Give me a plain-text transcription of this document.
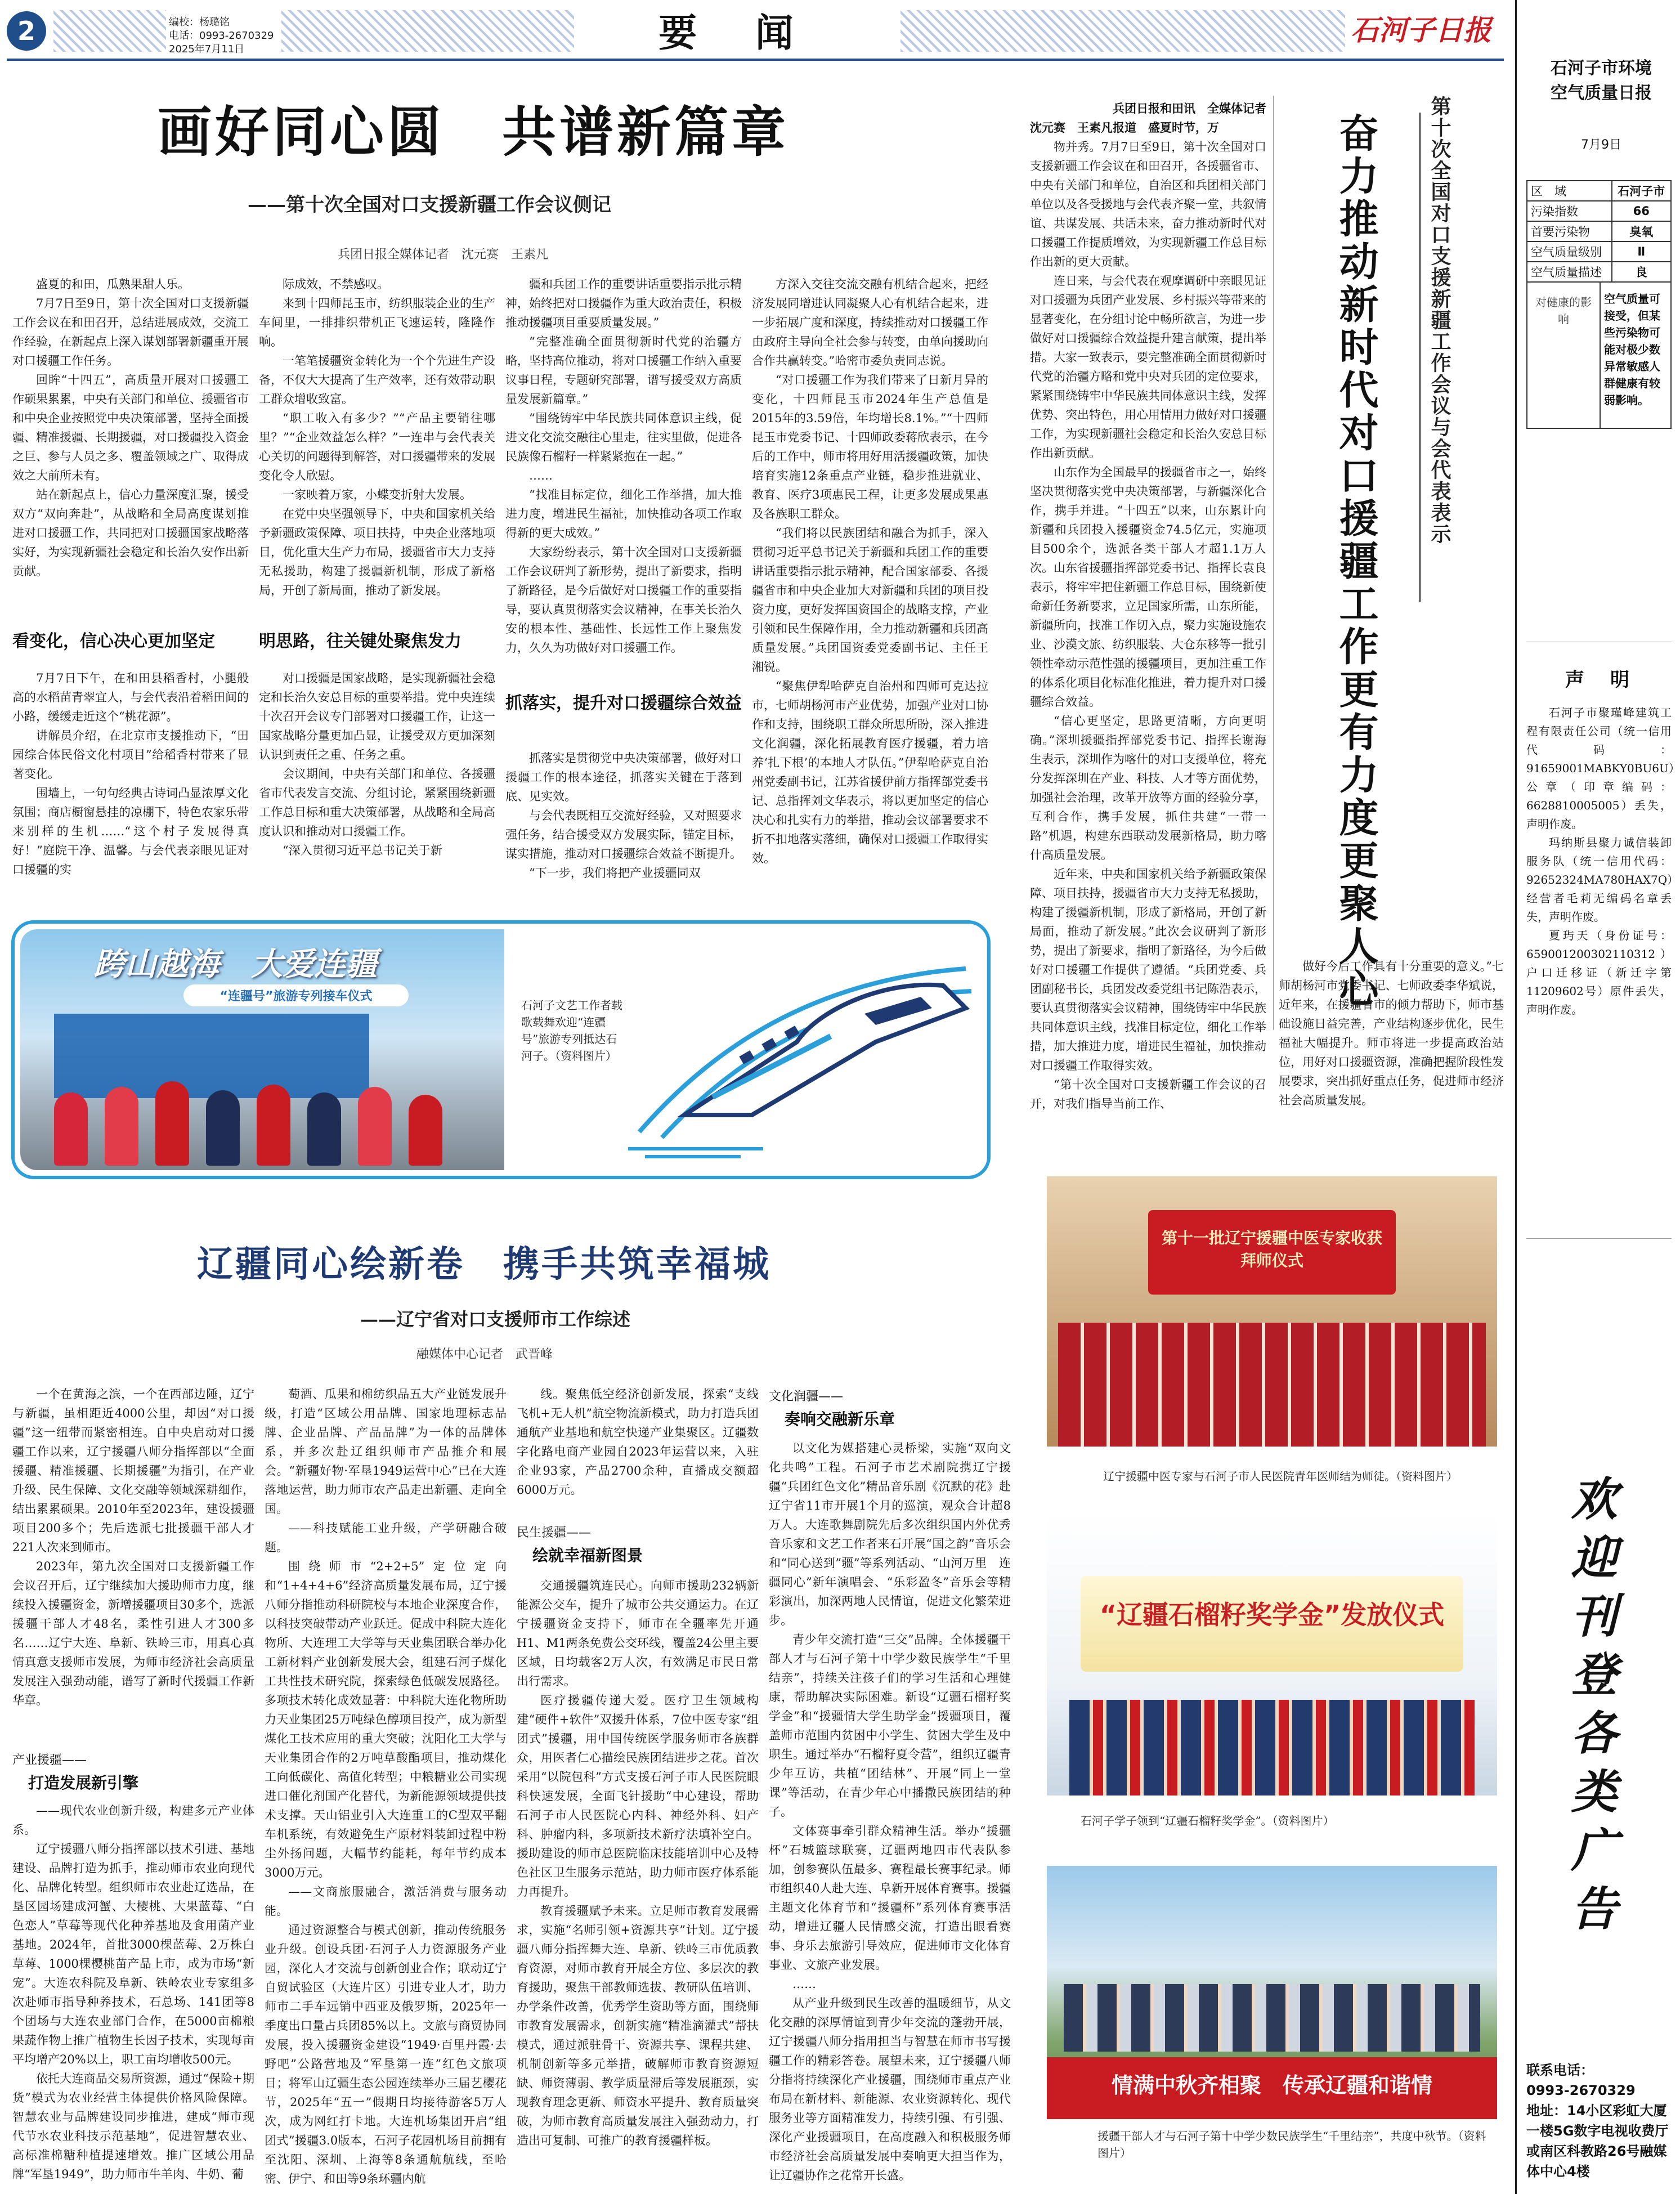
2	编校：杨璐铭
电话：0993-2670329
2025年7月11日	要 闻	石河子日报
画好同心圆　共谱新篇章
——第十次全国对口支援新疆工作会议侧记
兵团日报全媒体记者　沈元赛　王素凡

盛夏的和田，瓜熟果甜人乐。

7月7日至9日，第十次全国对口支援新疆工作会议在和田召开，总结进展成效，交流工作经验，在新起点上深入谋划部署新疆重开展对口援疆工作任务。

回眸“十四五”，高质量开展对口援疆工作硕果累累，中央有关部门和单位、援疆省市和中央企业按照党中央决策部署，坚持全面援疆、精准援疆、长期援疆，对口援疆投入资金之巨、参与人员之多、覆盖领域之广、取得成效之大前所未有。

站在新起点上，信心力量深度汇聚，援受双方“双向奔赴”，从战略和全局高度谋划推进对口援疆工作，共同把对口援疆国家战略落实好，为实现新疆社会稳定和长治久安作出新贡献。

看变化，信心决心更加坚定

7月7日下午，在和田县稻香村，小腿般高的水稻苗青翠宜人，与会代表沿着稻田间的小路，缓缓走近这个“桃花源”。

讲解员介绍，在北京市支援推动下，“田园综合体民俗文化村项目”给稻香村带来了显著变化。

围墙上，一句句经典古诗词凸显浓厚文化氛围；商店橱窗悬挂的凉棚下，特色农家乐带来别样的生机……“这个村子发展得真好！”庭院干净、温馨。与会代表亲眼见证对口援疆的实

际成效，不禁感叹。

来到十四师昆玉市，纺织服装企业的生产车间里，一排排织带机正飞速运转，隆隆作响。

一笔笔援疆资金转化为一个个先进生产设备，不仅大大提高了生产效率，还有效带动职工群众增收致富。

“职工收入有多少？”“产品主要销往哪里？”“企业效益怎么样？”一连串与会代表关心关切的问题得到解答，对口援疆带来的发展变化令人欣慰。

一家映着万家，小蝶变折射大发展。

在党中央坚强领导下，中央和国家机关给予新疆政策保障、项目扶持，中央企业落地项目，优化重大生产力布局，援疆省市大力支持无私援助，构建了援疆新机制，形成了新格局，开创了新局面，推动了新发展。

明思路，往关键处聚焦发力

对口援疆是国家战略，是实现新疆社会稳定和长治久安总目标的重要举措。党中央连续十次召开会议专门部署对口援疆工作，让这一国家战略分量更加凸显，让援受双方更加深刻认识到责任之重、任务之重。

会议期间，中央有关部门和单位、各援疆省市代表发言交流、分组讨论，紧紧围绕新疆工作总目标和重大决策部署，从战略和全局高度认识和推动对口援疆工作。

“深入贯彻习近平总书记关于新

疆和兵团工作的重要讲话重要指示批示精神，始终把对口援疆作为重大政治责任，积极推动援疆项目重要质量发展。”

“完整准确全面贯彻新时代党的治疆方略，坚持高位推动，将对口援疆工作纳入重要议事日程，专题研究部署，谱写援受双方高质量发展新篇章。”

“围绕铸牢中华民族共同体意识主线，促进文化交流交融往心里走，往实里做，促进各民族像石榴籽一样紧紧抱在一起。”

……

“找准目标定位，细化工作举措，加大推进力度，增进民生福祉，加快推动各项工作取得新的更大成效。”

大家纷纷表示，第十次全国对口支援新疆工作会议研判了新形势，提出了新要求，指明了新路径，是今后做好对口援疆工作的重要指导，要认真贯彻落实会议精神，在事关长治久安的根本性、基础性、长远性工作上聚焦发力，久久为功做好对口援疆工作。

抓落实，提升对口援疆综合效益

抓落实是贯彻党中央决策部署，做好对口援疆工作的根本途径，抓落实关键在于落到底、见实效。

与会代表既相互交流好经验，又对照要求强任务，结合援受双方发展实际，锚定目标，谋实措施，推动对口援疆综合效益不断提升。

“下一步，我们将把产业援疆同双

方深入交往交流交融有机结合起来，把经济发展同增进认同凝聚人心有机结合起来，进一步拓展广度和深度，持续推动对口援疆工作由政府主导向全社会参与转变，由单向援助向合作共赢转变。”哈密市委负责同志说。

“对口援疆工作为我们带来了日新月异的变化，十四师昆玉市2024年生产总值是2015年的3.59倍，年均增长8.1%。”“十四师昆玉市党委书记、十四师政委蒋欣表示，在今后的工作中，师市将用好用活援疆政策，加快培育实施12条重点产业链，稳步推进就业、教育、医疗3项惠民工程，让更多发展成果惠及各族职工群众。

“我们将以民族团结和融合为抓手，深入贯彻习近平总书记关于新疆和兵团工作的重要讲话重要指示批示精神，配合国家部委、各援疆省市和中央企业加大对新疆和兵团的项目投资力度，更好发挥国资国企的战略支撑，产业引领和民生保障作用，全力推动新疆和兵团高质量发展。”兵团国资委党委副书记、主任王湘锐。

“聚焦伊犁哈萨克自治州和四师可克达拉市，七师胡杨河市产业优势，加强产业对口协作和支持，围绕职工群众所思所盼，深入推进文化润疆，深化拓展教育医疗援疆，着力培养‘扎下根’的本地人才队伍。”伊犁哈萨克自治州党委副书记，江苏省援伊前方指挥部党委书记、总指挥刘文华表示，将以更加坚定的信心决心和扎实有力的举措，推动会议部署要求不折不扣地落实落细，确保对口援疆工作取得实效。

跨山越海　大爱连疆
“连疆号”旅游专列接车仪式
石河子文艺工作者载歌载舞欢迎“连疆号”旅游专列抵达石河子。（资料图片）
辽疆同心绘新卷　携手共筑幸福城
——辽宁省对口支援师市工作综述
融媒体中心记者　武晋峰

一个在黄海之滨，一个在西部边陲，辽宁与新疆，虽相距近4000公里，却因“对口援疆”这一纽带而紧密相连。自中央启动对口援疆工作以来，辽宁援疆八师分指挥部以“全面援疆、精准援疆、长期援疆”为指引，在产业升级、民生保障、文化交融等领域深耕细作，结出累累硕果。2010年至2023年，建设援疆项目200多个；先后选派七批援疆干部人才221人次来到师市。

2023年，第九次全国对口支援新疆工作会议召开后，辽宁继续加大援助师市力度，继续投入援疆资金，新增援疆项目30多个，选派援疆干部人才48名，柔性引进人才300多名……辽宁大连、阜新、铁岭三市，用真心真情真意支援师市发展，为师市经济社会高质量发展注入强劲动能，谱写了新时代援疆工作新华章。

产业援疆——
打造发展新引擎

——现代农业创新升级，构建多元产业体系。

辽宁援疆八师分指挥部以技术引进、基地建设、品牌打造为抓手，推动师市农业向现代化、品牌化转型。组织师市农业赴辽选品，在垦区园场建成河蟹、大樱桃、大果蓝莓、“白色恋人”草莓等现代化种养基地及食用菌产业基地。2024年，首批3000棵蓝莓、2万株白草莓、1000棵樱桃苗产品上市，成为市场“新宠”。大连农科院及阜新、铁岭农业专家组多次赴师市指导种养技术，石总场、141团等8个团场与大连农业部门合作，在5000亩棉粮果蔬作物上推广植物生长因子技术，实现每亩平均增产20%以上，职工亩均增收500元。

依托大连商品交易所资源，通过“保险+期货”模式为农业经营主体提供价格风险保障。智慧农业与品牌建设同步推进，建成“师市现代节水农业科技示范基地”，促进智慧农业、高标准棉糖种植提速增效。推广区域公用品牌“军垦1949”，助力师市牛羊肉、牛奶、葡

萄酒、瓜果和棉纺织品五大产业链发展升级，打造“区域公用品牌、国家地理标志品牌、企业品牌、产品品牌”为一体的品牌体系，并多次赴辽组织师市产品推介和展会。“新疆好物·军垦1949运营中心”已在大连落地运营，助力师市农产品走出新疆、走向全国。

——科技赋能工业升级，产学研融合破题。

围绕师市“2+2+5”定位定向和“1+4+4+6”经济高质量发展布局，辽宁援八师分指推动科研院校与本地企业深度合作，以科技突破带动产业跃迁。促成中科院大连化物所、大连理工大学等与天业集团联合举办化工新材料产业创新发展大会，组建石河子煤化工共性技术研究院，探索绿色低碳发展路径。多项技术转化成效显著：中科院大连化物所助力天业集团25万吨绿色醇项目投产，成为新型煤化工技术应用的重大突破；沈阳化工大学与天业集团合作的2万吨草酸酯项目，推动煤化工向低碳化、高值化转型；中粮糖业公司实现进口催化剂国产化替代，为新能源领域提供技术支撑。天山铝业引入大连重工的C型双平翻车机系统，有效避免生产原材料装卸过程中粉尘外扬问题，大幅节约能耗，每年节约成本3000万元。

——文商旅服融合，激活消费与服务动能。

通过资源整合与模式创新，推动传统服务业升级。创设兵团·石河子人力资源服务产业园，深化人才交流与创新创业合作；联动辽宁自贸试验区（大连片区）引进专业人才，助力师市二手车远销中西亚及俄罗斯，2025年一季度出口量占兵团85%以上。文旅与商贸协同发展，投入援疆资金建设“1949·百里丹霞·去野吧”公路营地及“军垦第一连”红色文旅项目；将军山辽疆生态公园连续举办三届艺樱花节，2025年“五一”假期日均接待游客5万人次，成为网红打卡地。大连机场集团开启“组团式”援疆3.0版本，石河子花园机场目前拥有至沈阳、深圳、上海等8条通航航线，至哈密、伊宁、和田等9条环疆内航

线。聚焦低空经济创新发展，探索“支线飞机+无人机”航空物流新模式，助力打造兵团通航产业基地和航空快递产业集聚区。辽疆数字化路电商产业园自2023年运营以来，入驻企业93家，产品2700余种，直播成交额超6000万元。

民生援疆——
绘就幸福新图景

交通援疆筑连民心。向师市援助232辆新能源公交车，提升了城市公共交通运力。在辽宁援疆资金支持下，师市在全疆率先开通H1、M1两条免费公交环线，覆盖24公里主要区域，日均载客2万人次，有效满足市民日常出行需求。

医疗援疆传递大爱。医疗卫生领域构建“硬件+软件”双援升体系，7位中医专家“组团式”援疆，用中国传统医学服务师市各族群众，用医者仁心描绘民族团结进步之花。首次采用“以院包科”方式支援石河子市人民医院眼科快速发展，全面飞针援助“中心建设，帮助石河子市人民医院心内科、神经外科、妇产科、肿瘤内科，多项新技术新疗法填补空白。援助建设的师市总医院临床技能培训中心及特色社区卫生服务示范站，助力师市医疗体系能力再提升。

教育援疆赋予未来。立足师市教育发展需求，实施“名师引领+资源共享”计划。辽宁援疆八师分指挥舞大连、阜新、铁岭三市优质教育资源，对师市教育开展全方位、多层次的教育援助，聚焦干部教师选拔、教研队伍培训、办学条件改善，优秀学生资助等方面，围绕师市教育发展需求，创新实施“精准滴灌式”帮扶模式，通过派驻骨干、资源共享、课程共建、机制创新等多元举措，破解师市教育资源短缺、师资薄弱、教学质量滞后等发展瓶颈，实现教育理念更新、师资水平提升、教育质量突破，为师市教育高质量发展注入强劲动力，打造出可复制、可推广的教育援疆样板。

文化润疆——
奏响交融新乐章

以文化为媒搭建心灵桥梁，实施“双向文化共鸣”工程。石河子市艺术剧院携辽宁援疆“兵团红色文化”精品音乐剧《沉默的花》赴辽宁省11市开展1个月的巡演，观众合计超8万人。大连歌舞剧院先后多次组织国内外优秀音乐家和文艺工作者来石开展“国之韵”音乐会和“同心送到”疆”等系列活动、“山河万里　连疆同心”新年演唱会、“乐彩盈冬”音乐会等精彩演出，加深两地人民情谊，促进文化繁荣进步。

青少年交流打造“三交”品牌。全体援疆干部人才与石河子第十中学少数民族学生“千里结亲”，持续关注孩子们的学习生活和心理健康，帮助解决实际困难。新设“辽疆石榴籽奖学金”和“援疆情大学生助学金”援疆项目，覆盖师市范围内贫困中小学生、贫困大学生及中职生。通过举办“石榴籽夏令营”，组织辽疆青少年互访，共植“团结林”、开展“同上一堂课”等活动，在青少年心中播撒民族团结的种子。

文体赛事牵引群众精神生活。举办“援疆杯”石城篮球联赛，辽疆两地四市代表队参加，创参赛队伍最多、赛程最长赛事纪录。师市组织40人赴大连、阜新开展体育赛事。援疆主题文化体育节和“援疆杯”系列体育赛事活动，增进辽疆人民情感交流，打造出眼看赛事、身乐去旅游引导效应，促进师市文化体育事业、文旅产业发展。

……

从产业升级到民生改善的温暖细节，从文化交融的深厚情谊到青少年交流的蓬勃开展，辽宁援疆八师分指用担当与智慧在师市书写援疆工作的精彩答卷。展望未来，辽宁援疆八师分指将持续深化产业援疆，围绕师市重点产业布局在新材料、新能源、农业资源转化、现代服务业等方面精准发力，持续引强、有引强、深化产业援疆项目，在高度融入和积极服务师市经济社会高质量发展中奏响更大担当作为，让辽疆协作之花常开长盛。

兵团日报和田讯　全媒体记者
沈元赛　王素凡报道　盛夏时节，万

物并秀。7月7日至9日，第十次全国对口支援新疆工作会议在和田召开，各援疆省市、中央有关部门和单位，自治区和兵团相关部门单位以及各受援地与会代表齐聚一堂，共叙情谊、共谋发展、共话未来，奋力推动新时代对口援疆工作提质增效，为实现新疆工作总目标作出新的更大贡献。

连日来，与会代表在观摩调研中亲眼见证对口援疆为兵团产业发展、乡村振兴等带来的显著变化，在分组讨论中畅所欲言，为进一步做好对口援疆综合效益提升建言献策，提出举措。大家一致表示，要完整准确全面贯彻新时代党的治疆方略和党中央对兵团的定位要求，紧紧围绕铸牢中华民族共同体意识主线，发挥优势、突出特色，用心用情用力做好对口援疆工作，为实现新疆社会稳定和长治久安总目标作出新贡献。

山东作为全国最早的援疆省市之一，始终坚决贯彻落实党中央决策部署，与新疆深化合作，携手并进。“十四五”以来，山东累计向新疆和兵团投入援疆资金74.5亿元，实施项目500余个，选派各类干部人才超1.1万人次。山东省援疆指挥部党委书记、指挥长袁良表示，将牢牢把住新疆工作总目标，围绕新使命新任务新要求，立足国家所需，山东所能，新疆所向，找准工作切入点，聚力实施设施农业、沙漠文旅、纺织服装、大仓东移等一批引领性牵动示范性强的援疆项目，更加注重工作的体系化项目化标准化推进，着力提升对口援疆综合效益。

“信心更坚定，思路更清晰，方向更明确。”深圳援疆指挥部党委书记、指挥长谢海生表示，深圳作为喀什的对口支援单位，将充分发挥深圳在产业、科技、人才等方面优势，加强社会治理，改革开放等方面的经验分享，互利合作，携手发展，抓住共建“一带一路”机遇，构建东西联动发展新格局，助力喀什高质量发展。

近年来，中央和国家机关给予新疆政策保障、项目扶持，援疆省市大力支持无私援助，构建了援疆新机制，形成了新格局，开创了新局面，推动了新发展。”此次会议研判了新形势，提出了新要求，指明了新路径，为今后做好对口援疆工作提供了遵循。“兵团党委、兵团副秘书长，兵团发改委党组书记陈浩表示，要认真贯彻落实会议精神，围绕铸牢中华民族共同体意识主线，找准目标定位，细化工作举措，加大推进力度，增进民生福祉，加快推动对口援疆工作取得实效。

“第十次全国对口支援新疆工作会议的召开，对我们指导当前工作、

奋力推动新时代对口援疆工作更有力度更聚人心 第十次全国对口支援新疆工作会议与会代表表示

做好今后工作具有十分重要的意义。”七师胡杨河市党委书记、七师政委李华斌说，近年来，在援疆省市的倾力帮助下，师市基础设施日益完善，产业结构逐步优化，民生福祉大幅提升。师市将进一步提高政治站位，用好对口援疆资源，准确把握阶段性发展要求，突出抓好重点任务，促进师市经济社会高质量发展。

第十一批辽宁援疆中医专家收获拜师仪式
辽宁援疆中医专家与石河子市人民医院青年医师结为师徒。（资料图片）
“辽疆石榴籽奖学金”发放仪式
石河子学子领到“辽疆石榴籽奖学金”。（资料图片）
情满中秋齐相聚　传承辽疆和谐情
援疆干部人才与石河子第十中学少数民族学生“千里结亲”，共度中秋节。（资料图片）
石河子市环境
空气质量日报
7月9日
区　域	石河子市
污染指数	66
首要污染物	臭氧
空气质量级别	Ⅱ
空气质量描述	良
对健康的影响
空气质量可接受，但某些污染物可能对极少数异常敏感人群健康有较弱影响。
声　明

石河子市聚瑾峰建筑工程有限责任公司（统一信用代码：91659001MABKY0BU6U）公章（印章编码：6628810005005）丢失，声明作废。

玛纳斯县聚力诚信装卸服务队（统一信用代码：92652324MA780HAX7Q）经营者毛莉无编码名章丢失，声明作废。

夏玙天（身份证号：659001200302110312）户口迁移证（新迁字第11209602号）原件丢失，声明作废。

欢迎刊登各类广告
联系电话：
0993-2670329
地址：14小区彩虹大厦一楼5G数字电视收费厅或南区科教路26号融媒体中心4楼
